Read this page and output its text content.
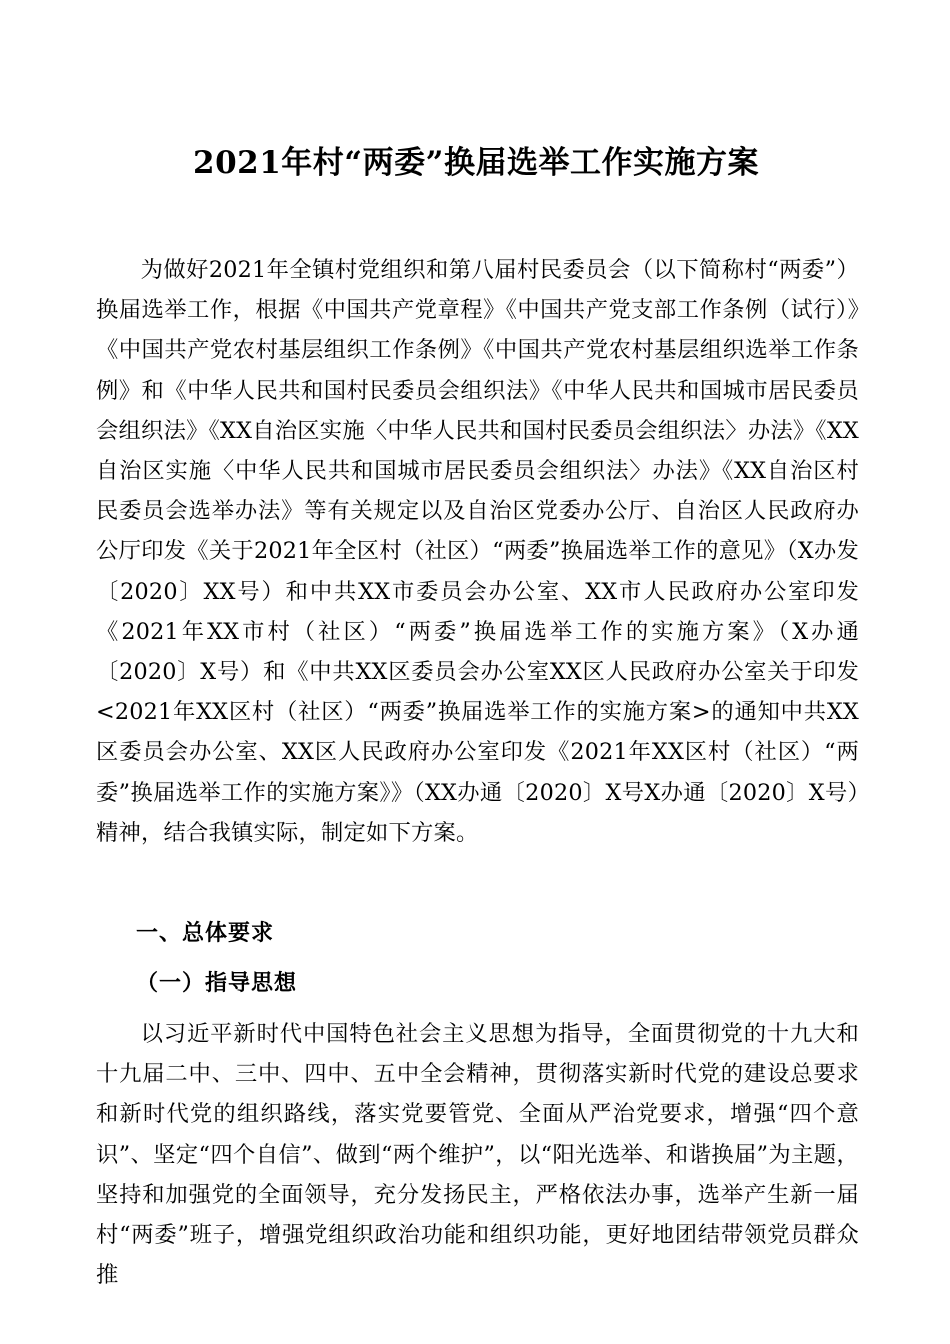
2021年村“两委”换届选举工作实施方案

为做好2021年全镇村党组织和第八届村民委员会（以下简称村“两委”）换届选举工作，根据《中国共产党章程》《中国共产党支部工作条例（试行）》《中国共产党农村基层组织工作条例》《中国共产党农村基层组织选举工作条例》和《中华人民共和国村民委员会组织法》《中华人民共和国城市居民委员会组织法》《XX自治区实施〈中华人民共和国村民委员会组织法〉办法》《XX自治区实施〈中华人民共和国城市居民委员会组织法〉办法》《XX自治区村民委员会选举办法》等有关规定以及自治区党委办公厅、自治区人民政府办公厅印发《关于2021年全区村（社区）“两委”换届选举工作的意见》（X办发〔2020〕XX号）和中共XX市委员会办公室、XX市人民政府办公室印发《2021年XX市村（社区）“两委”换届选举工作的实施方案》（X办通〔2020〕X号）和《中共XX区委员会办公室XX区人民政府办公室关于印发<2021年XX区村（社区）“两委”换届选举工作的实施方案>的通知中共XX区委员会办公室、XX区人民政府办公室印发《2021年XX区村（社区）“两委”换届选举工作的实施方案》》（XX办通〔2020〕X号X办通〔2020〕X号）精神，结合我镇实际，制定如下方案。

一、总体要求
（一）指导思想

以习近平新时代中国特色社会主义思想为指导，全面贯彻党的十九大和十九届二中、三中、四中、五中全会精神，贯彻落实新时代党的建设总要求和新时代党的组织路线，落实党要管党、全面从严治党要求，增强“四个意识”、坚定“四个自信”、做到“两个维护”，以“阳光选举、和谐换届”为主题，坚持和加强党的全面领导，充分发扬民主，严格依法办事，选举产生新一届村“两委”班子，增强党组织政治功能和组织功能，更好地团结带领党员群众推
